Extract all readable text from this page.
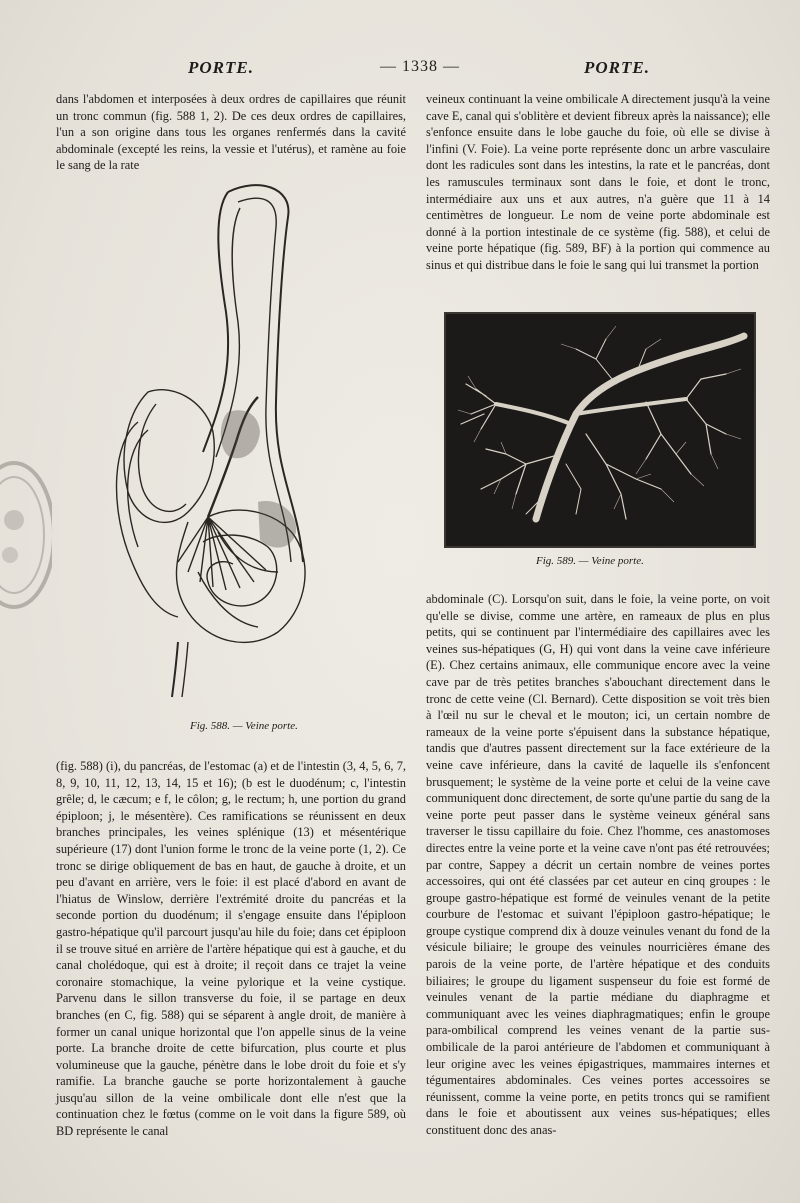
PORTE.	— 1338 —	PORTE.

dans l'abdomen et interposées à deux ordres de capillaires que réunit un tronc commun (fig. 588 1, 2). De ces deux ordres de capillaires, l'un a son origine dans tous les organes renfermés dans la cavité abdominale (excepté les reins, la vessie et l'utérus), et ramène au foie le sang de la rate

Fig. 588. — Veine porte.

(fig. 588) (i), du pancréas, de l'estomac (a) et de l'intestin (3, 4, 5, 6, 7, 8, 9, 10, 11, 12, 13, 14, 15 et 16); (b est le duodénum; c, l'intestin grêle; d, le cæcum; e f, le côlon; g, le rectum; h, une portion du grand épiploon; j, le mésentère). Ces ramifications se réunissent en deux branches principales, les veines splénique (13) et mésentérique supérieure (17) dont l'union forme le tronc de la veine porte (1, 2). Ce tronc se dirige obliquement de bas en haut, de gauche à droite, et un peu d'avant en arrière, vers le foie: il est placé d'abord en avant de l'hiatus de Winslow, derrière l'extrémité droite du pancréas et la seconde portion du duodénum; il s'engage ensuite dans l'épiploon gastro-hépatique qu'il parcourt jusqu'au hile du foie; dans cet épiploon il se trouve situé en arrière de l'artère hépatique qui est à gauche, et du canal cholédoque, qui est à droite; il reçoit dans ce trajet la veine coronaire stomachique, la veine pylorique et la veine cystique. Parvenu dans le sillon transverse du foie, il se partage en deux branches (en C, fig. 588) qui se séparent à angle droit, de manière à former un canal unique horizontal que l'on appelle sinus de la veine porte. La branche droite de cette bifurcation, plus courte et plus volumineuse que la gauche, pénètre dans le lobe droit du foie et s'y ramifie. La branche gauche se porte horizontalement à gauche jusqu'au sillon de la veine ombilicale dont elle n'est que la continuation chez le fœtus (comme on le voit dans la figure 589, où BD représente le canal

veineux continuant la veine ombilicale A directement jusqu'à la veine cave E, canal qui s'oblitère et devient fibreux après la naissance); elle s'enfonce ensuite dans le lobe gauche du foie, où elle se divise à l'infini (V. Foie). La veine porte représente donc un arbre vasculaire dont les radicules sont dans les intestins, la rate et le pancréas, dont les ramuscules terminaux sont dans le foie, et dont le tronc, intermédiaire aux uns et aux autres, n'a guère que 11 à 14 centimètres de longueur. Le nom de veine porte abdominale est donné à la portion intestinale de ce système (fig. 588), et celui de veine porte hépatique (fig. 589, BF) à la portion qui commence au sinus et qui distribue dans le foie le sang qui lui transmet la portion

Fig. 589. — Veine porte.

abdominale (C). Lorsqu'on suit, dans le foie, la veine porte, on voit qu'elle se divise, comme une artère, en rameaux de plus en plus petits, qui se continuent par l'intermédiaire des capillaires avec les veines sus-hépatiques (G, H) qui vont dans la veine cave inférieure (E). Chez certains animaux, elle communique encore avec la veine cave par de très petites branches s'abouchant directement dans le tronc de cette veine (Cl. Bernard). Cette disposition se voit très bien à l'œil nu sur le cheval et le mouton; ici, un certain nombre de rameaux de la veine porte s'épuisent dans la substance hépatique, tandis que d'autres passent directement sur la face extérieure de la veine cave inférieure, dans la cavité de laquelle ils s'enfoncent brusquement; le système de la veine porte et celui de la veine cave communiquent donc directement, de sorte qu'une partie du sang de la veine porte peut passer dans le système veineux général sans traverser le tissu capillaire du foie. Chez l'homme, ces anastomoses directes entre la veine porte et la veine cave n'ont pas été retrouvées; par contre, Sappey a décrit un certain nombre de veines portes accessoires, qui ont été classées par cet auteur en cinq groupes : le groupe gastro-hépatique est formé de veinules venant de la petite courbure de l'estomac et suivant l'épiploon gastro-hépatique; le groupe cystique comprend dix à douze veinules venant du fond de la vésicule biliaire; le groupe des veinules nourricières émane des parois de la veine porte, de l'artère hépatique et des conduits biliaires; le groupe du ligament suspenseur du foie est formé de veinules venant de la partie médiane du diaphragme et communiquant avec les veines diaphragmatiques; enfin le groupe para-ombilical comprend les veines venant de la partie sus-ombilicale de la paroi antérieure de l'abdomen et communiquant à leur origine avec les veines épigastriques, mammaires internes et tégumentaires abdominales. Ces veines portes accessoires se réunissent, comme la veine porte, en petits troncs qui se ramifient dans le foie et aboutissent aux veines sus-hépatiques; elles constituent donc des anas-
